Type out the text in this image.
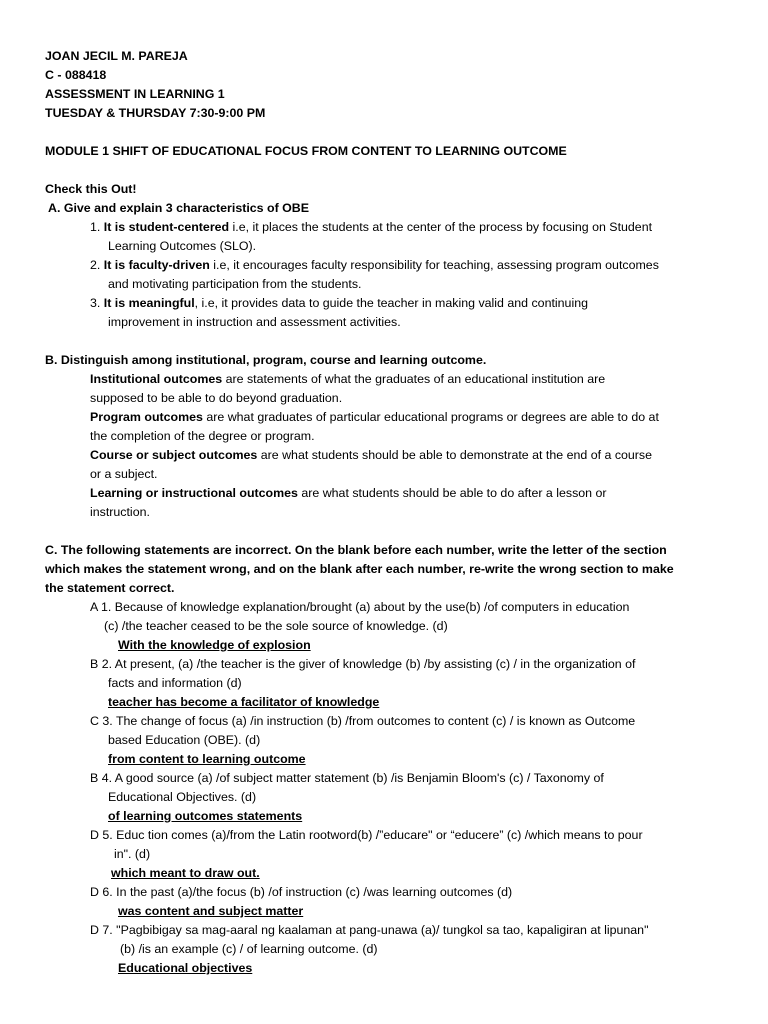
JOAN JECIL M. PAREJA
C - 088418
ASSESSMENT IN LEARNING 1
TUESDAY & THURSDAY 7:30-9:00 PM
MODULE 1 SHIFT OF EDUCATIONAL FOCUS FROM CONTENT TO LEARNING OUTCOME
Check this Out!
A. Give and explain 3 characteristics of OBE
1. It is student-centered i.e, it places the students at the center of the process by focusing on Student
Learning Outcomes (SLO).
2. It is faculty-driven i.e, it encourages faculty responsibility for teaching, assessing program outcomes
and motivating participation from the students.
3. It is meaningful, i.e, it provides data to guide the teacher in making valid and continuing
improvement in instruction and assessment activities.
B. Distinguish among institutional, program, course and learning outcome.
Institutional outcomes are statements of what the graduates of an educational institution are
supposed to be able to do beyond graduation.
Program outcomes are what graduates of particular educational programs or degrees are able to do at
the completion of the degree or program.
Course or subject outcomes are what students should be able to demonstrate at the end of a course
or a subject.
Learning or instructional outcomes are what students should be able to do after a lesson or
instruction.
C. The following statements are incorrect. On the blank before each number, write the letter of the section
which makes the statement wrong, and on the blank after each number, re-write the wrong section to make
the statement correct.
A 1. Because of knowledge explanation/brought (a) about by the use(b) /of computers in education
(c) /the teacher ceased to be the sole source of knowledge. (d)
With the knowledge of explosion
B 2. At present, (a) /the teacher is the giver of knowledge (b) /by assisting (c) / in the organization of
facts and information (d)
teacher has become a facilitator of knowledge
C 3. The change of focus (a) /in instruction (b) /from outcomes to content (c) / is known as Outcome
based Education (OBE). (d)
from content to learning outcome
B 4. A good source (a) /of subject matter statement (b) /is Benjamin Bloom's (c) / Taxonomy of
Educational Objectives. (d)
of learning outcomes statements
D 5. Educ tion comes (a)/from the Latin rootword(b) /”educare" or “educere” (c) /which means to pour
in". (d)
which meant to draw out.
D 6. In the past (a)/the focus (b) /of instruction (c) /was learning outcomes (d)
was content and subject matter
D 7. "Pagbibigay sa mag-aaral ng kaalaman at pang-unawa (a)/ tungkol sa tao, kapaligiran at lipunan"
(b) /is an example (c) / of learning outcome. (d)
Educational objectives
